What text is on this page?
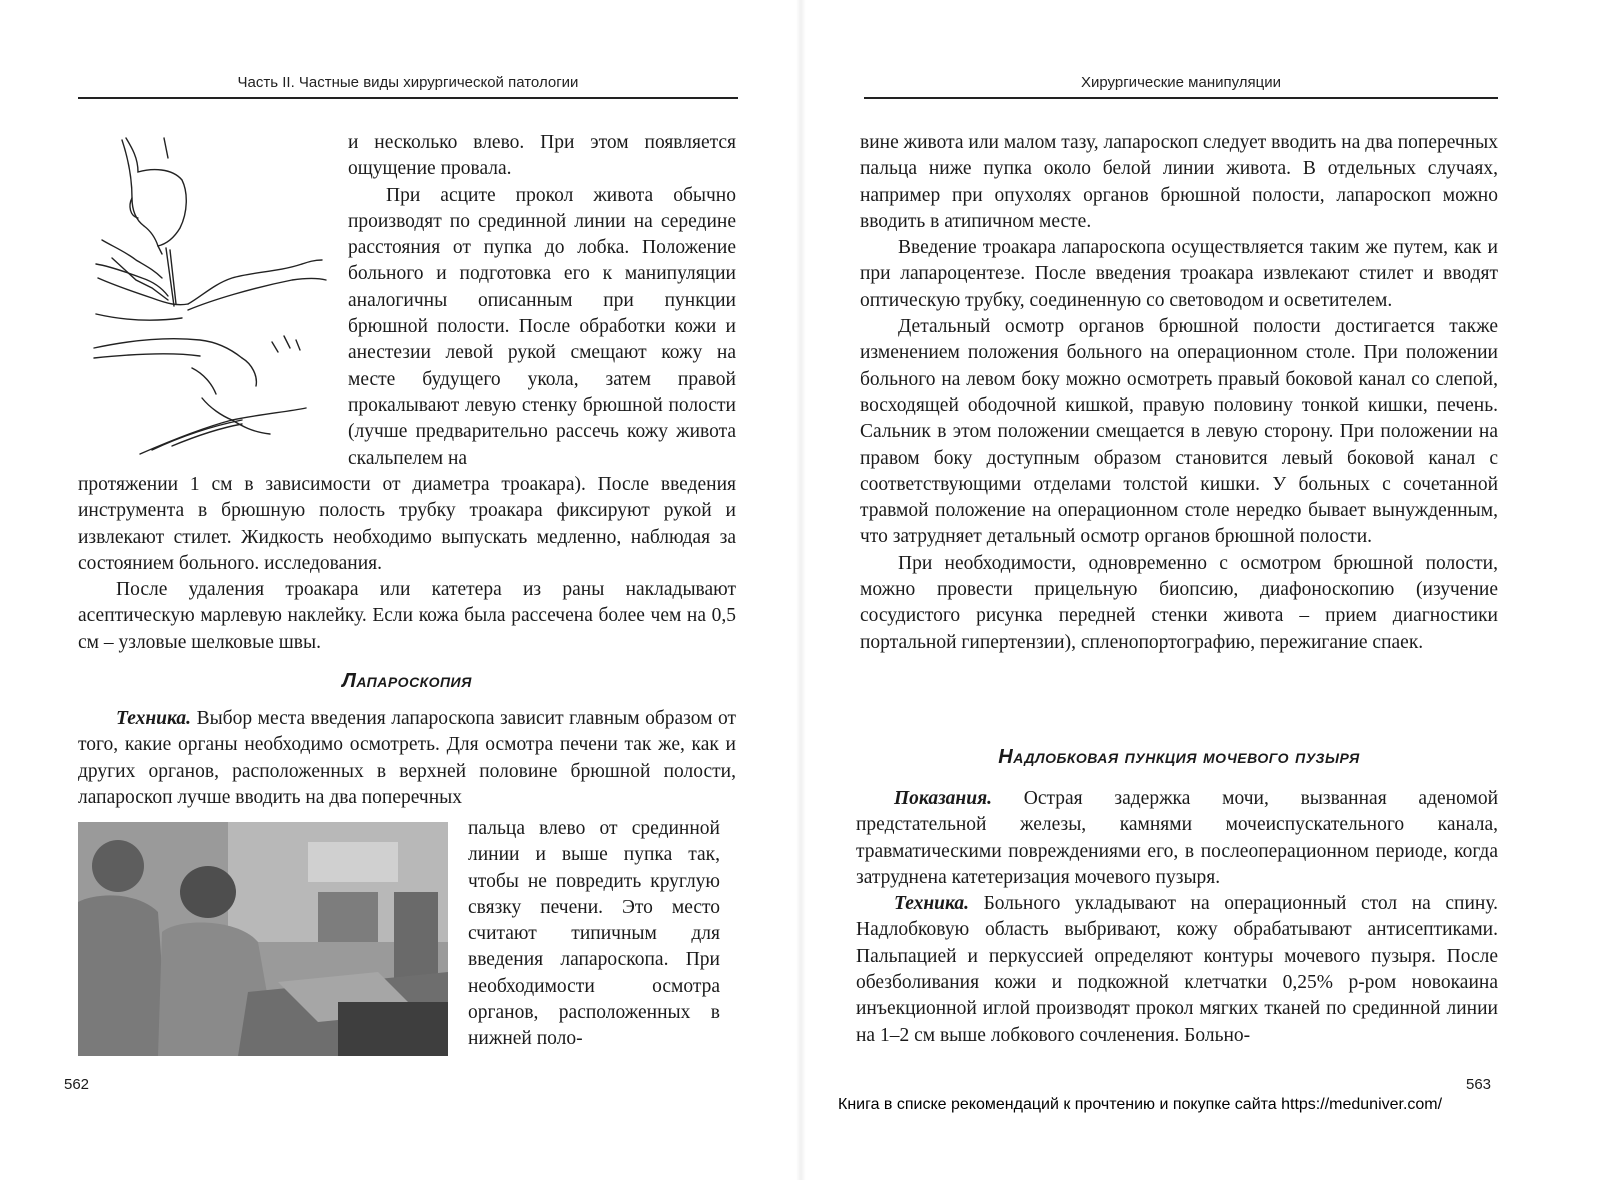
Часть II. Частные виды хирургической патологии

и несколько влево. При этом появляется ощущение провала.

При асците прокол живота обычно производят по срединной линии на середине расстояния от пупка до лобка. Положение больного и подготовка его к манипуляции аналогичны описанным при пункции брюшной полости. После обработки кожи и анестезии левой рукой смещают кожу на месте будущего укола, затем правой прокалывают левую стенку брюшной полости (лучше предварительно рассечь кожу живота скальпелем на

протяжении 1 см в зависимости от диаметра троакара). После введения инструмента в брюшную полость трубку троакара фиксируют рукой и извлекают стилет. Жидкость необходимо выпускать медленно, наблюдая за состоянием больного. исследования.

После удаления троакара или катетера из раны накладывают асептическую марлевую наклейку. Если кожа была рассечена более чем на 0,5 см – узловые шелковые швы.

Лапароскопия

Техника. Выбор места введения лапароскопа зависит главным образом от того, какие органы необходимо осмотреть. Для осмотра печени так же, как и других органов, расположенных в верхней половине брюшной полости, лапароскоп лучше вводить на два поперечных

пальца влево от срединной линии и выше пупка так, чтобы не повредить круглую связку печени. Это место считают типичным для введения лапароскопа. При необходимости осмотра органов, расположенных в нижней поло-

562
Хирургические манипуляции

вине живота или малом тазу, лапароскоп следует вводить на два поперечных пальца ниже пупка около белой линии живота. В отдельных случаях, например при опухолях органов брюшной полости, лапароскоп можно вводить в атипичном месте.

Введение троакара лапароскопа осуществляется таким же путем, как и при лапароцентезе. После введения троакара извлекают стилет и вводят оптическую трубку, соединенную со световодом и осветителем.

Детальный осмотр органов брюшной полости достигается также изменением положения больного на операционном столе. При положении больного на левом боку можно осмотреть правый боковой канал со слепой, восходящей ободочной кишкой, правую половину тонкой кишки, печень. Сальник в этом положении смещается в левую сторону. При положении на правом боку доступным образом становится левый боковой канал с соответствующими отделами толстой кишки. У больных с сочетанной травмой положение на операционном столе нередко бывает вынужденным, что затрудняет детальный осмотр органов брюшной полости.

При необходимости, одновременно с осмотром брюшной полости, можно провести прицельную биопсию, диафоноскопию (изучение сосудистого рисунка передней стенки живота – прием диагностики портальной гипертензии), спленопортографию, пережигание спаек.

Надлобковая пункция мочевого пузыря

Показания. Острая задержка мочи, вызванная аденомой предстательной железы, камнями мочеиспускательного канала, травматическими повреждениями его, в послеоперационном периоде, когда затруднена катетеризация мочевого пузыря.

Техника. Больного укладывают на операционный стол на спину. Надлобковую область выбривают, кожу обрабатывают антисептиками. Пальпацией и перкуссией определяют контуры мочевого пузыря. После обезболивания кожи и подкожной клетчатки 0,25% р-ром новокаина инъекционной иглой производят прокол мягких тканей по срединной линии на 1–2 см выше лобкового сочленения. Больно-

563
Книга в списке рекомендаций к прочтению и покупке сайта https://meduniver.com/
